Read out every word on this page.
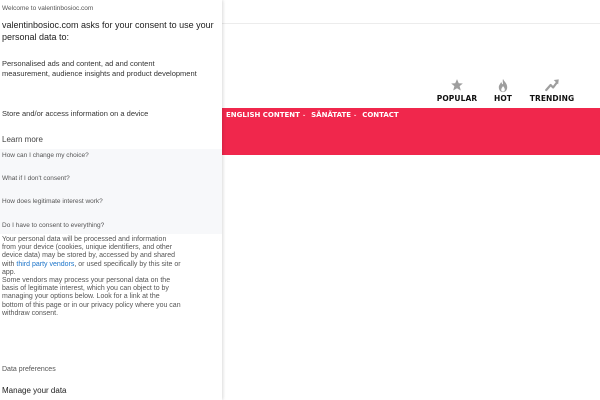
POPULAR HOT TRENDING
ENGLISH CONTENT ⌄ SĂNĂTATE ⌄ CONTACT
Welcome to valentinbosioc.com
valentinbosioc.com asks for your consent to use your personal data to:
Personalised ads and content, ad and content measurement, audience insights and product development
Store and/or access information on a device
Learn more
How can I change my choice?
What if I don't consent?
How does legitimate interest work?
Do I have to consent to everything?
Your personal data will be processed and information from your device (cookies, unique identifiers, and other device data) may be stored by, accessed by and shared with third party vendors, or used specifically by this site or app.
Some vendors may process your personal data on the basis of legitimate interest, which you can object to by managing your options below. Look for a link at the bottom of this page or in our privacy policy where you can withdraw consent.
Data preferences
Manage your data
